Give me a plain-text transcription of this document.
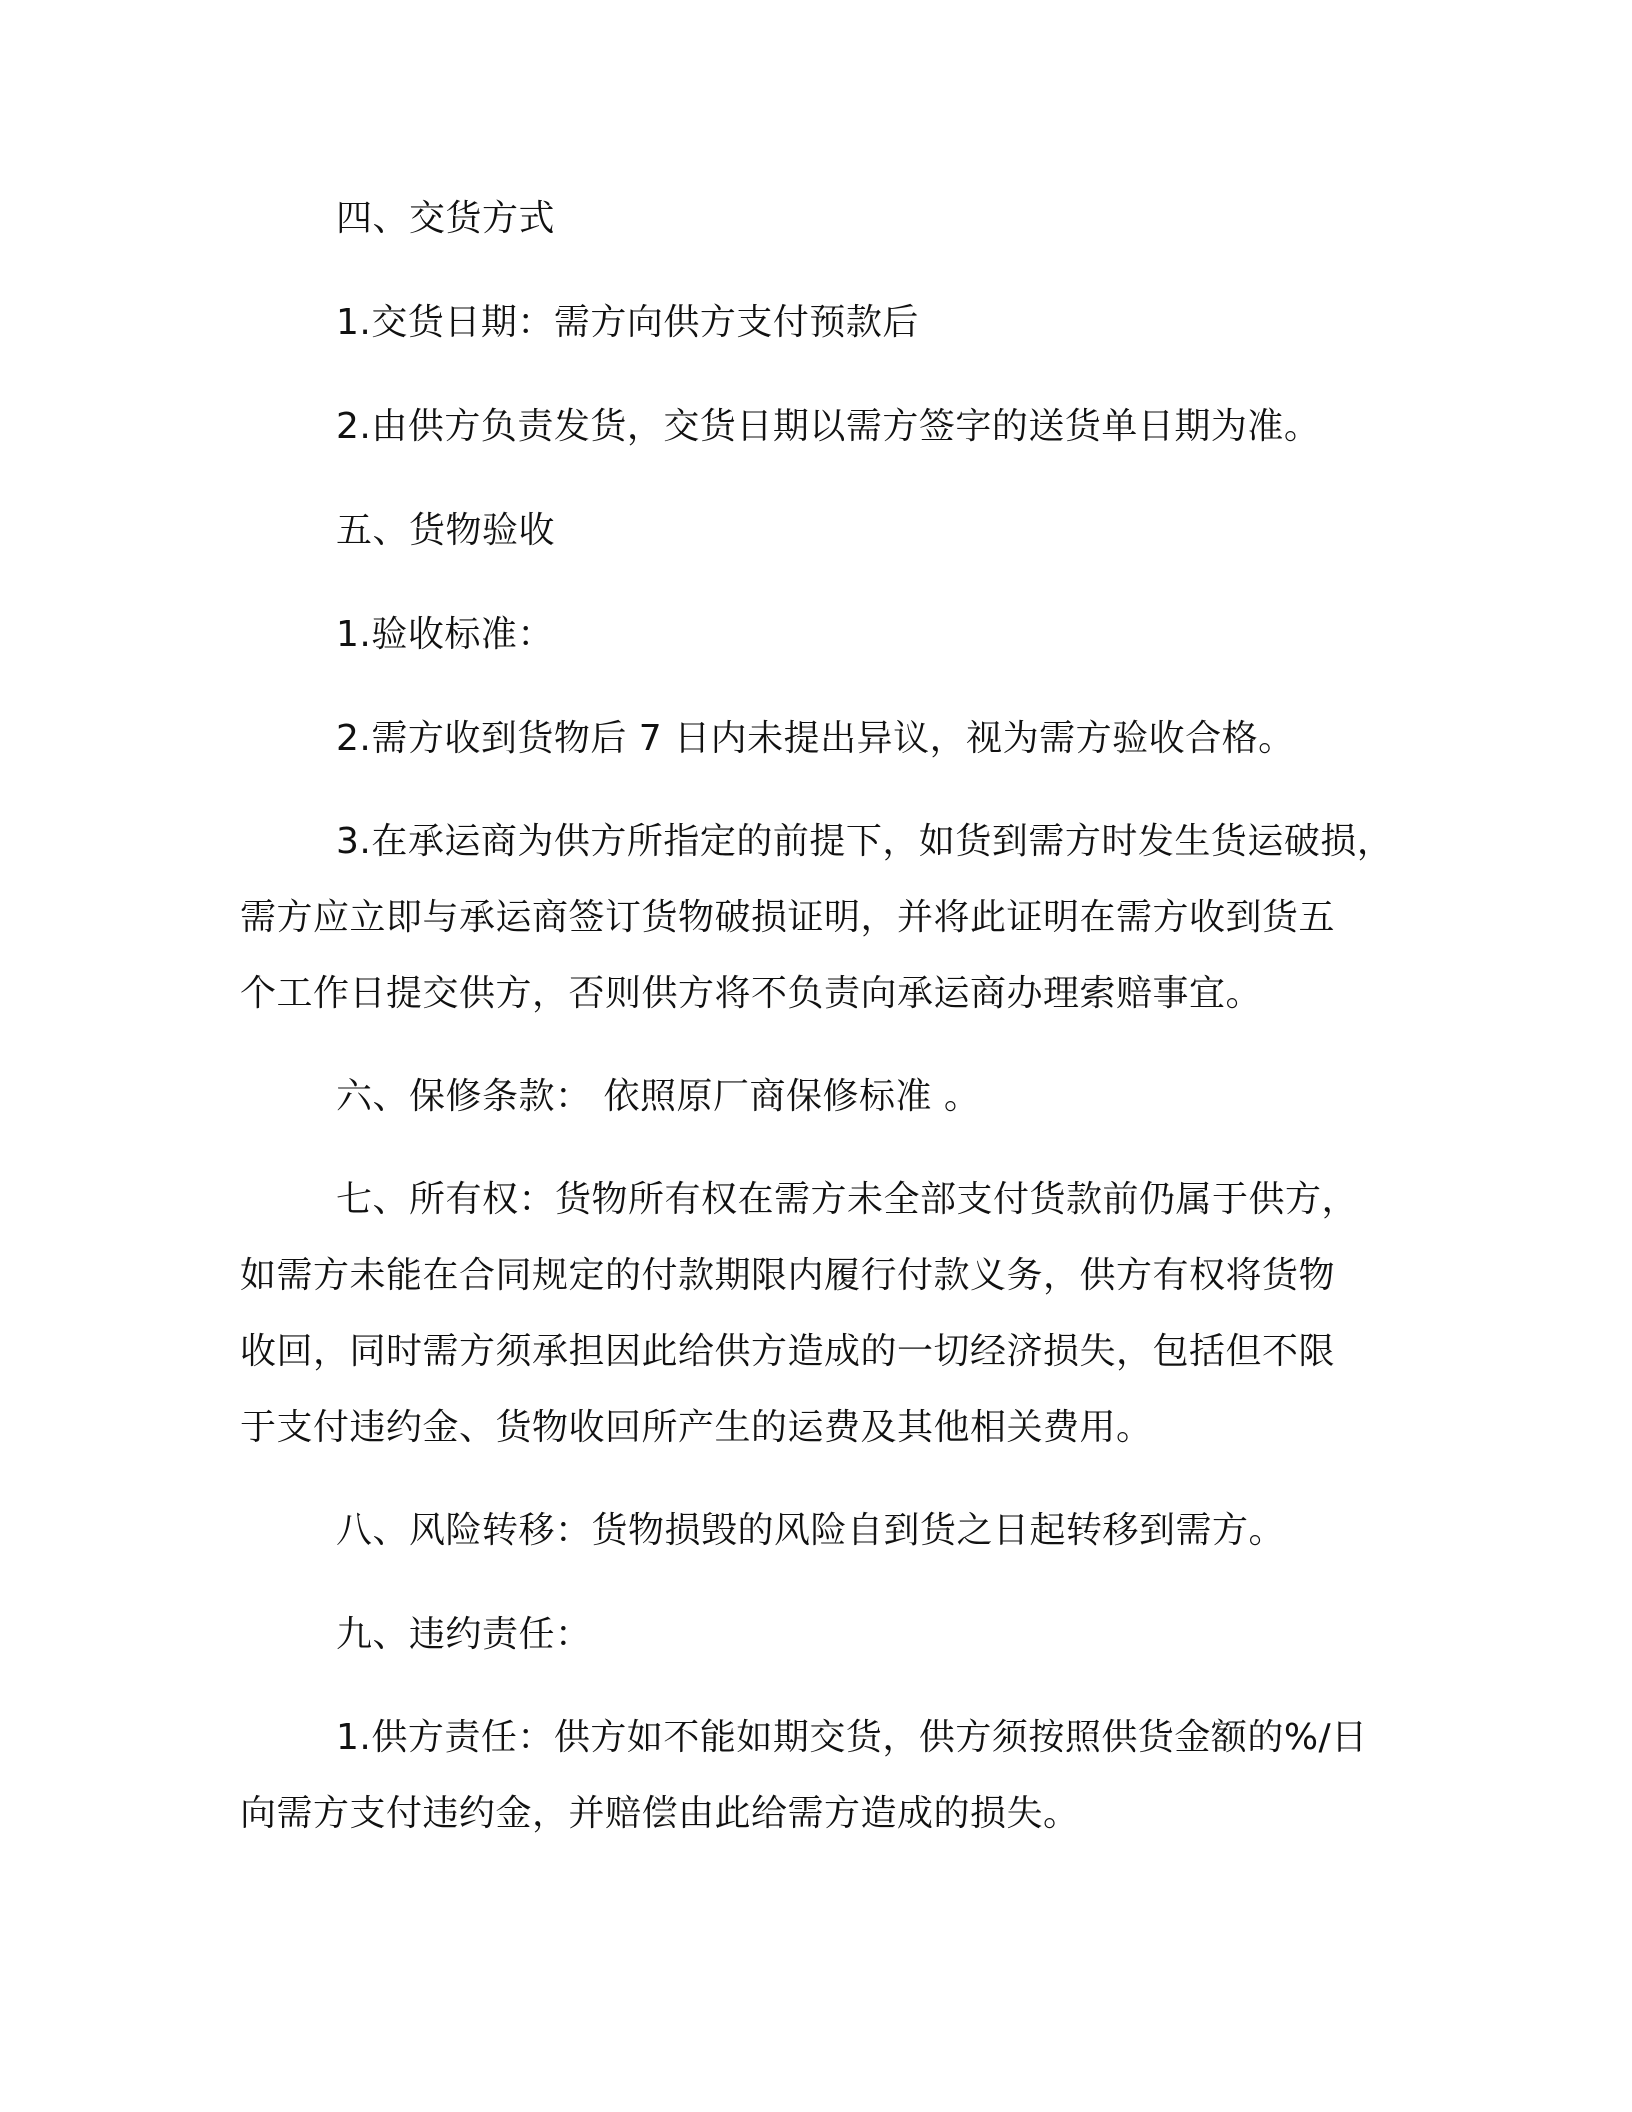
四、交货方式

1.交货日期：需方向供方支付预款后

2.由供方负责发货，交货日期以需方签字的送货单日期为准。

五、货物验收

1.验收标准：

2.需方收到货物后 7 日内未提出异议，视为需方验收合格。

3.在承运商为供方所指定的前提下，如货到需方时发生货运破损，

需方应立即与承运商签订货物破损证明，并将此证明在需方收到货五

个工作日提交供方，否则供方将不负责向承运商办理索赔事宜。

六、保修条款： 依照原厂商保修标准 。

七、所有权：货物所有权在需方未全部支付货款前仍属于供方，

如需方未能在合同规定的付款期限内履行付款义务，供方有权将货物

收回，同时需方须承担因此给供方造成的一切经济损失，包括但不限

于支付违约金、货物收回所产生的运费及其他相关费用。

八、风险转移：货物损毁的风险自到货之日起转移到需方。

九、违约责任：

1.供方责任：供方如不能如期交货，供方须按照供货金额的%/日

向需方支付违约金，并赔偿由此给需方造成的损失。
